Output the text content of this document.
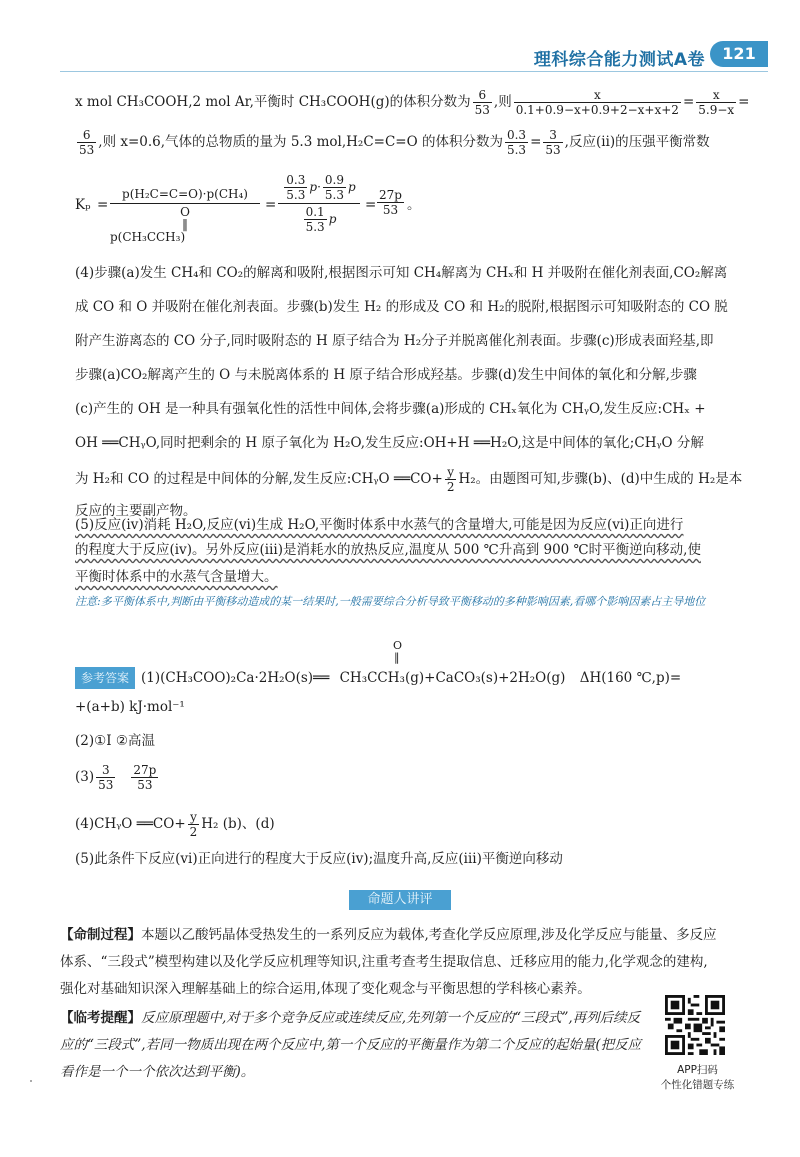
理科综合能力测试A卷	121
x mol CH₃COOH,2 mol Ar,平衡时 CH₃COOH(g)的体积分数为 $\frac{6}{53}$ ,则 $\frac{x}{0.1+0.9-x+0.9+2-x+x+2} = \frac{x}{5.9-x}$ =
$\frac{6}{53}$ ,则 x=0.6,气体的总物质的量为 5.3 mol,H₂C=C=O 的体积分数为 $\frac{0.3}{5.3} = \frac{3}{53}$ ,反应(ⅱ)的压强平衡常数
Kₚ =
p(H₂C=C=O)·p(CH₄)
O
‖
p(CH₃CCH₃)
=
$\frac{0.3}{5.3} p\cdot \frac{0.9}{5.3}$ p
$\frac{0.1}{5.3}$ p
= $\frac{27p}{53}$ 。
(4)步骤(a)发生 CH₄和 CO₂的解离和吸附,根据图示可知 CH₄解离为 CHₓ和 H 并吸附在催化剂表面,CO₂解离
成 CO 和 O 并吸附在催化剂表面。步骤(b)发生 H₂ 的形成及 CO 和 H₂的脱附,根据图示可知吸附态的 CO 脱
附产生游离态的 CO 分子,同时吸附态的 H 原子结合为 H₂分子并脱离催化剂表面。步骤(c)形成表面羟基,即
步骤(a)CO₂解离产生的 O 与未脱离体系的 H 原子结合形成羟基。步骤(d)发生中间体的氧化和分解,步骤
(c)产生的 OH 是一种具有强氧化性的活性中间体,会将步骤(a)形成的 CHₓ氧化为 CHᵧO,发生反应:CHₓ +
OH ══CHᵧO,同时把剩余的 H 原子氧化为 H₂O,发生反应:OH+H ══H₂O,这是中间体的氧化;CHᵧO 分解
为 H₂和 CO 的过程是中间体的分解,发生反应:CHᵧO ══CO+ $\frac{y}{2} H_2$。由题图可知,步骤(b)、(d)中生成的 H₂是本
反应的主要副产物。
(5)反应(ⅳ)消耗 H₂O,反应(ⅵ)生成 H₂O,平衡时体系中水蒸气的含量增大,可能是因为反应(ⅵ)正向进行
的程度大于反应(ⅳ)。另外反应(ⅲ)是消耗水的放热反应,温度从 500 ℃升高到 900 ℃时平衡逆向移动,使
平衡时体系中的水蒸气含量增大。
注意:多平衡体系中,判断由平衡移动造成的某一结果时,一般需要综合分析导致平衡移动的多种影响因素,看哪个影响因素占主导地位
O
‖
参考答案 (1)(CH₃COO)₂Ca·2H₂O(s)══ CH₃CCH₃(g)+CaCO₃(s)+2H₂O(g) ΔH(160 ℃,p)=
+(a+b) kJ·mol⁻¹
(2)①Ⅰ ②高温
$(3) \frac{3}{53} \frac{27p}{53}$
(4)CHᵧO ══CO+ $\frac{y}{2} H_2$ (b)、(d)
(5)此条件下反应(ⅵ)正向进行的程度大于反应(ⅳ);温度升高,反应(ⅲ)平衡逆向移动
命题人讲评
【命制过程】本题以乙酸钙晶体受热发生的一系列反应为载体,考查化学反应原理,涉及化学反应与能量、多反应体系、“三段式”模型构建以及化学反应机理等知识,注重考查考生提取信息、迁移应用的能力,化学观念的建构,强化对基础知识深入理解基础上的综合运用,体现了变化观念与平衡思想的学科核心素养。
【临考提醒】反应原理题中,对于多个竞争反应或连续反应,先列第一个反应的“三段式”,再列后续反应的“三段式”,若同一物质出现在两个反应中,第一个反应的平衡量作为第二个反应的起始量(把反应看作是一个一个依次达到平衡)。	APP扫码
个性化错题专练
